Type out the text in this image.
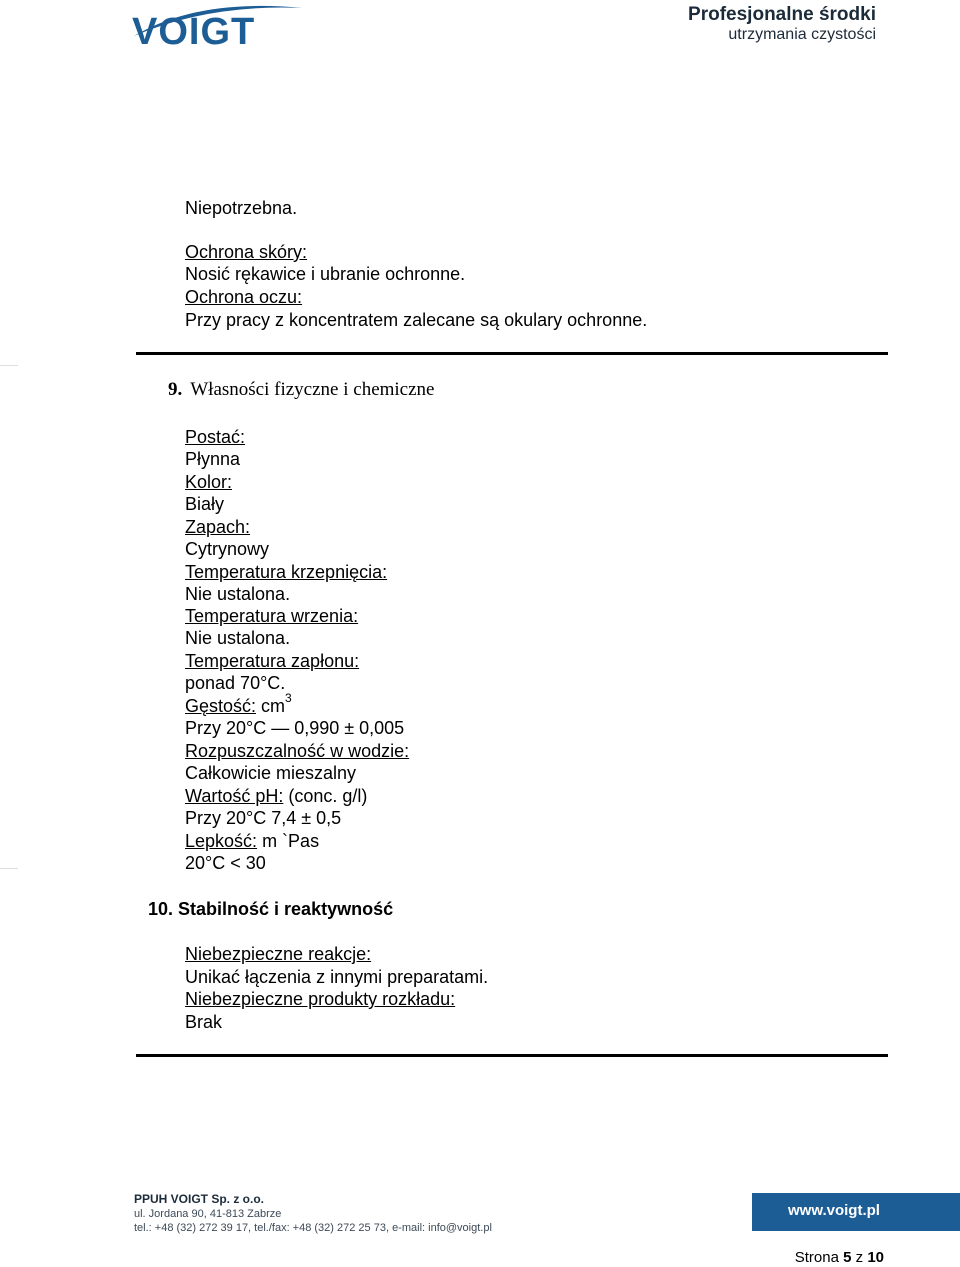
VOIGT	Profesjonalne środki
utrzymania czystości
Niepotrzebna.
Ochrona skóry:
Nosić rękawice i ubranie ochronne.
Ochrona oczu:
Przy pracy z koncentratem zalecane są okulary ochronne.
9. Własności fizyczne i chemiczne
Postać:
Płynna
Kolor:
Biały
Zapach:
Cytrynowy
Temperatura krzepnięcia:
Nie ustalona.
Temperatura wrzenia:
Nie ustalona.
Temperatura zapłonu:
ponad 70°C.
Gęstość: $cm^3$
Przy 20°C — 0,990 ± 0,005
Rozpuszczalność w wodzie:
Całkowicie mieszalny
Wartość pH: (conc. g/l)
Przy 20°C 7,4 ± 0,5
Lepkość: m `Pas
20°C < 30
10. Stabilność i reaktywność
Niebezpieczne reakcje:
Unikać łączenia z innymi preparatami.
Niebezpieczne produkty rozkładu:
Brak
PPUH VOIGT Sp. z o.o.
ul. Jordana 90, 41-813 Zabrze
tel.: +48 (32) 272 39 17, tel./fax: +48 (32) 272 25 73, e-mail: info@voigt.pl
www.voigt.pl
Strona 5 z 10
